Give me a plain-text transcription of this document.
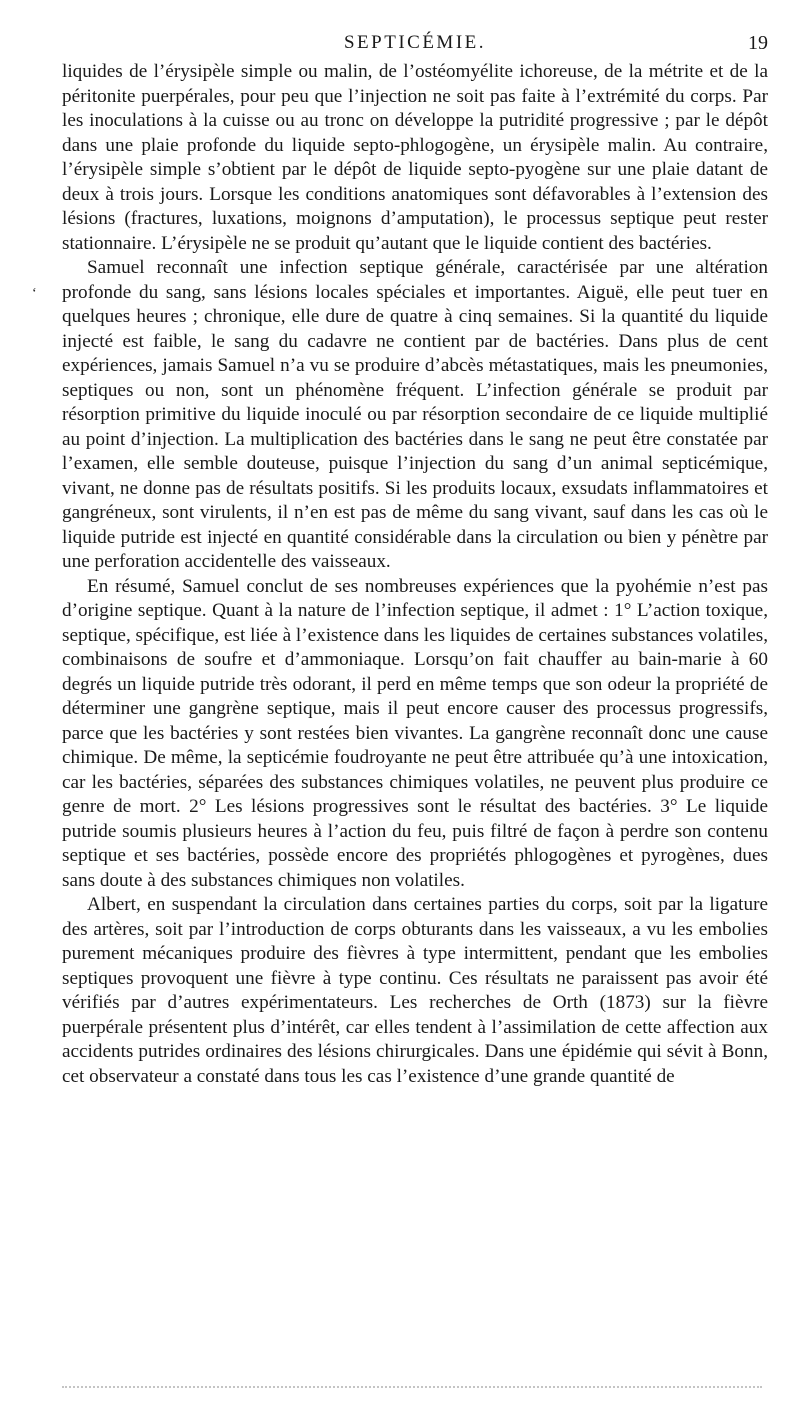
SEPTICÉMIE.	19
‘

liquides de l’érysipèle simple ou malin, de l’ostéomyélite ichoreuse, de la métrite et de la péritonite puerpérales, pour peu que l’injection ne soit pas faite à l’extrémité du corps. Par les inoculations à la cuisse ou au tronc on développe la putridité progressive ; par le dépôt dans une plaie profonde du liquide septo-phlogogène, un érysipèle malin. Au contraire, l’érysipèle simple s’obtient par le dépôt de liquide septo-pyogène sur une plaie datant de deux à trois jours. Lorsque les conditions anatomiques sont défavorables à l’extension des lésions (fractures, luxations, moignons d’amputation), le processus septique peut rester stationnaire. L’érysipèle ne se produit qu’autant que le liquide contient des bactéries.

Samuel reconnaît une infection septique générale, caractérisée par une altération profonde du sang, sans lésions locales spéciales et importantes. Aiguë, elle peut tuer en quelques heures ; chronique, elle dure de quatre à cinq semaines. Si la quantité du liquide injecté est faible, le sang du cadavre ne contient par de bactéries. Dans plus de cent expériences, jamais Samuel n’a vu se produire d’abcès métastatiques, mais les pneumonies, septiques ou non, sont un phénomène fréquent. L’infection générale se produit par résorption primitive du liquide inoculé ou par résorption secondaire de ce liquide multiplié au point d’injection. La multiplication des bactéries dans le sang ne peut être constatée par l’examen, elle semble douteuse, puisque l’injection du sang d’un animal septicémique, vivant, ne donne pas de résultats positifs. Si les produits locaux, exsudats inflammatoires et gangréneux, sont virulents, il n’en est pas de même du sang vivant, sauf dans les cas où le liquide putride est injecté en quantité considérable dans la circulation ou bien y pénètre par une perforation accidentelle des vaisseaux.

En résumé, Samuel conclut de ses nombreuses expériences que la pyohémie n’est pas d’origine septique. Quant à la nature de l’infection septique, il admet : 1° L’action toxique, septique, spécifique, est liée à l’existence dans les liquides de certaines substances volatiles, combinaisons de soufre et d’ammoniaque. Lorsqu’on fait chauffer au bain-marie à 60 degrés un liquide putride très odorant, il perd en même temps que son odeur la propriété de déterminer une gangrène septique, mais il peut encore causer des processus progressifs, parce que les bactéries y sont restées bien vivantes. La gangrène reconnaît donc une cause chimique. De même, la septicémie foudroyante ne peut être attribuée qu’à une intoxication, car les bactéries, séparées des substances chimiques volatiles, ne peuvent plus produire ce genre de mort. 2° Les lésions progressives sont le résultat des bactéries. 3° Le liquide putride soumis plusieurs heures à l’action du feu, puis filtré de façon à perdre son contenu septique et ses bactéries, possède encore des propriétés phlogogènes et pyrogènes, dues sans doute à des substances chimiques non volatiles.

Albert, en suspendant la circulation dans certaines parties du corps, soit par la ligature des artères, soit par l’introduction de corps obturants dans les vaisseaux, a vu les embolies purement mécaniques produire des fièvres à type intermittent, pendant que les embolies septiques provoquent une fièvre à type continu. Ces résultats ne paraissent pas avoir été vérifiés par d’autres expérimentateurs. Les recherches de Orth (1873) sur la fièvre puerpérale présentent plus d’intérêt, car elles tendent à l’assimilation de cette affection aux accidents putrides ordinaires des lésions chirurgicales. Dans une épidémie qui sévit à Bonn, cet observateur a constaté dans tous les cas l’existence d’une grande quantité de
